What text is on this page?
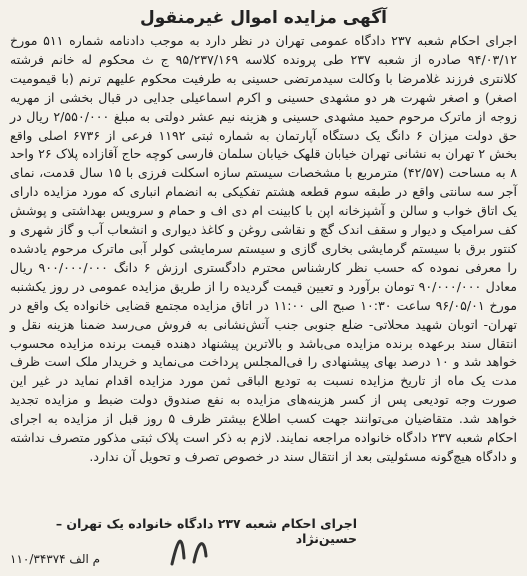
آگهی مزایده اموال غیرمنقول

اجرای احکام شعبه ۲۳۷ دادگاه عمومی تهران در نظر دارد به موجب دادنامه شماره ۵۱۱ مورخ ۹۴/۰۳/۱۲ صادره از شعبه ۲۳۷ طی پرونده کلاسه ۹۵/۲۳۷/۱۶۹ ج ث محکوم له خانم فرشته کلانتری فرزند غلامرضا با وکالت سیدمرتضی حسینی به طرفیت محکوم علیهم ترنم (با قیمومیت اصغر) و اصغر شهرت هر دو مشهدی حسینی و اکرم اسماعیلی جدایی در قبال بخشی از مهریه زوجه از ماترک مرحوم حمید مشهدی حسینی و هزینه نیم عشر دولتی به مبلغ ۲/۵۵۰/۰۰۰ ریال در حق دولت میزان ۶ دانگ یک دستگاه آپارتمان به شماره ثبتی ۱۱۹۲ فرعی از ۶۷۳۶ اصلی واقع بخش ۲ تهران به نشانی تهران خیابان قلهک خیابان سلمان فارسی کوچه حاج آقازاده پلاک ۲۶ واحد ۸ به مساحت (۴۲/۵۷) مترمربع با مشخصات سیستم سازه اسکلت فرزی با ۱۵ سال قدمت، نمای آجر سه سانتی واقع در طبقه سوم قطعه هشتم تفکیکی به انضمام انباری که مورد مزایده دارای یک اتاق خواب و سالن و آشپزخانه اپن با کابینت ام دی اف و حمام و سرویس بهداشتی و پوشش کف سرامیک و دیوار و سقف اندک گچ و نقاشی روغن و کاغذ دیواری و انشعاب آب و گاز شهری و کنتور برق با سیستم گرمایشی بخاری گازی و سیستم سرمایشی کولر آبی ماترک مرحوم یادشده را معرفی نموده که حسب نظر کارشناس محترم دادگستری ارزش ۶ دانگ ۹۰۰/۰۰۰/۰۰۰ ریال معادل ۹۰/۰۰۰/۰۰۰ تومان برآورد و تعیین قیمت گردیده را از طریق مزایده عمومی در روز یکشنبه مورخ ۹۶/۰۵/۰۱ ساعت ۱۰:۳۰ صبح الی ۱۱:۰۰ در اتاق مزایده مجتمع قضایی خانواده یک واقع در تهران- اتوبان شهید محلاتی- ضلع جنوبی جنب آتش‌نشانی به فروش می‌رسد ضمنا هزینه نقل و انتقال سند برعهده برنده مزایده می‌باشد و بالاترین پیشنهاد دهنده قیمت برنده مزایده محسوب خواهد شد و ۱۰ درصد بهای پیشنهادی را فی‌المجلس پرداخت می‌نماید و خریدار ملک است ظرف مدت یک ماه از تاریخ مزایده نسبت به تودیع الباقی ثمن مورد مزایده اقدام نماید در غیر این صورت وجه تودیعی پس از کسر هزینه‌های مزایده به نفع صندوق دولت ضبط و مزایده تجدید خواهد شد. متقاضیان می‌توانند جهت کسب اطلاع بیشتر ظرف ۵ روز قبل از مزایده به اجرای احکام شعبه ۲۳۷ دادگاه خانواده مراجعه نمایند. لازم به ذکر است پلاک ثبتی مذکور متصرف نداشته و دادگاه هیچ‌گونه مسئولیتی بعد از انتقال سند در خصوص تصرف و تحویل آن ندارد.

اجرای احکام شعبه ۲۳۷ دادگاه خانواده یک تهران – حسین‌نژاد
۱۱۰/۳۴۳۷۴ م الف
